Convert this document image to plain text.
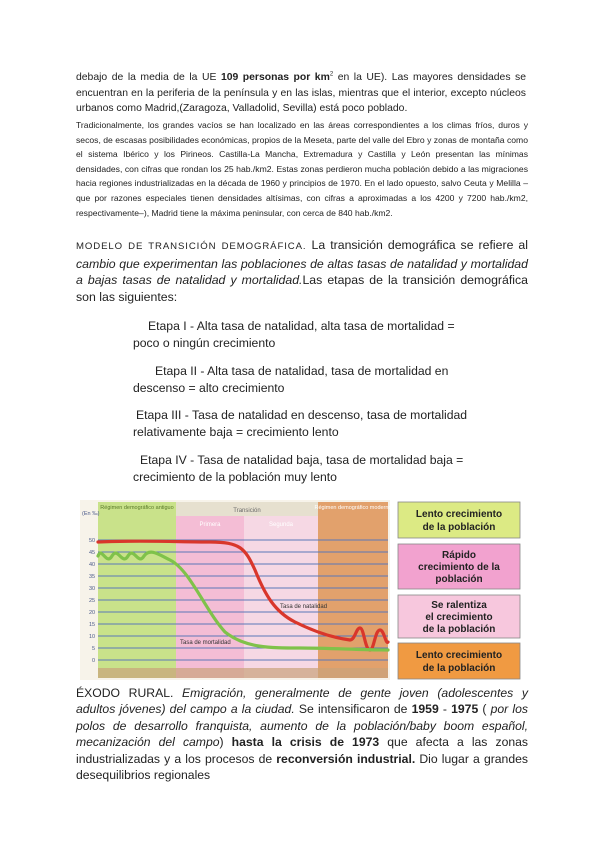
debajo de la media de la UE 109 personas por $km^2$ en la UE). Las mayores densidades se encuentran en la periferia de la península y en las islas, mientras que el interior, excepto núcleos urbanos como Madrid,(Zaragoza, Valladolid, Sevilla) está poco poblado.
Tradicionalmente, los grandes vacíos se han localizado en las áreas correspondientes a los climas fríos, duros y secos, de escasas posibilidades económicas, propios de la Meseta, parte del valle del Ebro y zonas de montaña como el sistema Ibérico y los Pirineos. Castilla-La Mancha, Extremadura y Castilla y León presentan las mínimas densidades, con cifras que rondan los 25 hab./km2. Estas zonas perdieron mucha población debido a las migraciones hacia regiones industrializadas en la década de 1960 y principios de 1970. En el lado opuesto, salvo Ceuta y Melilla –que por razones especiales tienen densidades altísimas, con cifras a aproximadas a los 4200 y 7200 hab./km2, respectivamente–), Madrid tiene la máxima peninsular, con cerca de 840 hab./km2.
MODELO DE TRANSICIÓN DEMOGRÁFICA. La transición demográfica se refiere al cambio que experimentan las poblaciones de altas tasas de natalidad y mortalidad a bajas tasas de natalidad y mortalidad.Las etapas de la transición demográfica son las siguientes:
Etapa I - Alta tasa de natalidad, alta tasa de mortalidad =
poco o ningún crecimiento
Etapa II - Alta tasa de natalidad, tasa de mortalidad en
descenso = alto crecimiento
Etapa III - Tasa de natalidad en descenso, tasa de mortalidad
relativamente baja = crecimiento lento
Etapa IV - Tasa de natalidad baja, tasa de mortalidad baja =
crecimiento de la población muy lento
(En ‰)
50
45
40
35
30
25
20
15
10
5
0
Régimen demográfico antiguo	Transición
Primera	Segunda
Régimen demográfico moderno
Tasa de natalidad
Tasa de mortalidad
Lento crecimiento
de la población
Rápido
crecimiento de la
población
Se ralentiza
el crecimiento
de la población
Lento crecimiento
de la población
ÉXODO RURAL. Emigración, generalmente de gente joven (adolescentes y adultos jóvenes) del campo a la ciudad. Se intensificaron de 1959 - 1975 ( por los polos de desarrollo franquista, aumento de la población/baby boom español, mecanización del campo) hasta la crisis de 1973 que afecta a las zonas industrializadas y a los procesos de reconversión industrial. Dio lugar a grandes desequilibrios regionales
